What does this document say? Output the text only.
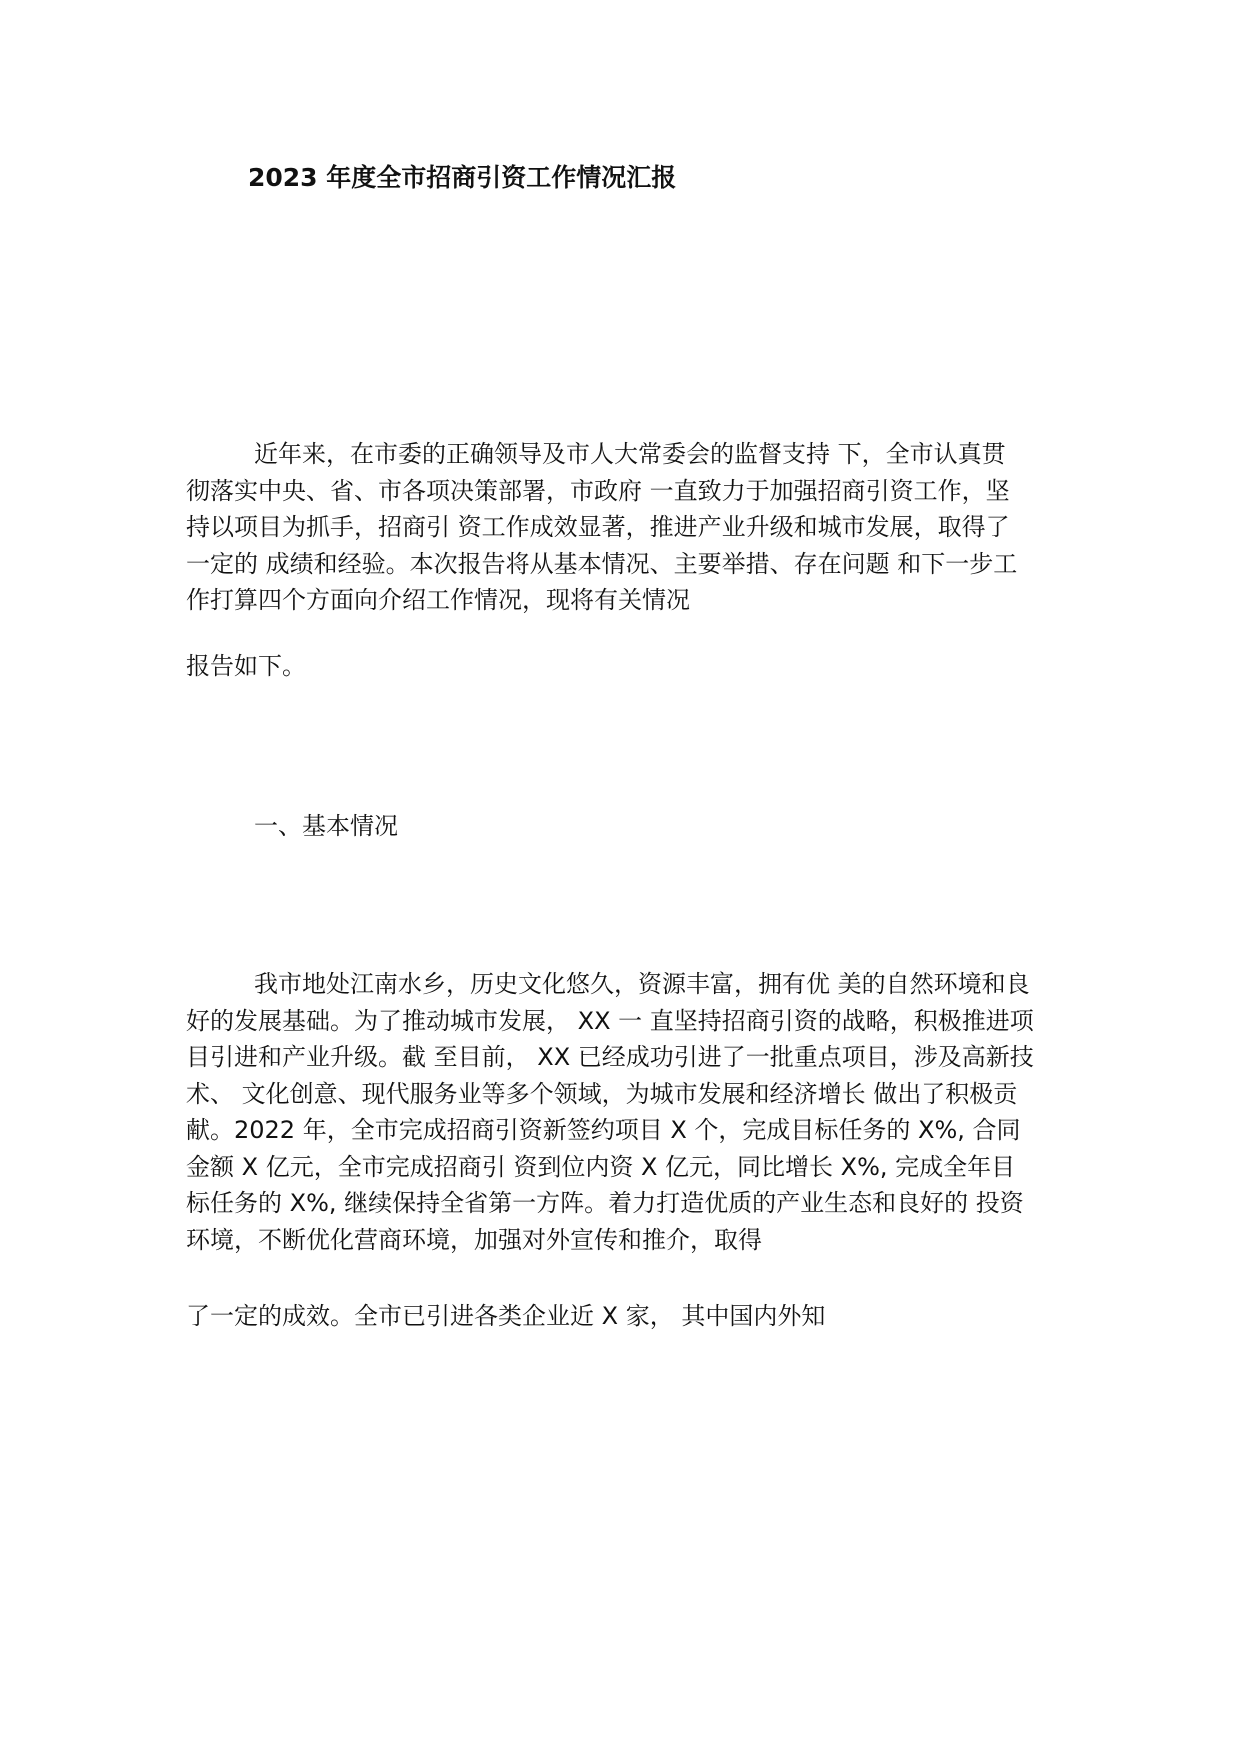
2023 年度全市招商引资工作情况汇报
近年来，在市委的正确领导及市人大常委会的监督支持 下，全市认真贯
彻落实中央、省、市各项决策部署，市政府 一直致力于加强招商引资工作，坚
持以项目为抓手，招商引 资工作成效显著，推进产业升级和城市发展，取得了
一定的 成绩和经验。本次报告将从基本情况、主要举措、存在问题 和下一步工
作打算四个方面向介绍工作情况，现将有关情况
报告如下。
一、基本情况
我市地处江南水乡，历史文化悠久，资源丰富，拥有优 美的自然环境和良
好的发展基础。为了推动城市发展， XX 一 直坚持招商引资的战略，积极推进项
目引进和产业升级。截 至目前， XX 已经成功引进了一批重点项目，涉及高新技
术、 文化创意、现代服务业等多个领域，为城市发展和经济增长 做出了积极贡
献。2022 年，全市完成招商引资新签约项目 X 个，完成目标任务的 X%, 合同
金额 X 亿元，全市完成招商引 资到位内资 X 亿元，同比增长 X%, 完成全年目
标任务的 X%, 继续保持全省第一方阵。着力打造优质的产业生态和良好的 投资
环境，不断优化营商环境，加强对外宣传和推介，取得
了一定的成效。全市已引进各类企业近 X 家， 其中国内外知
